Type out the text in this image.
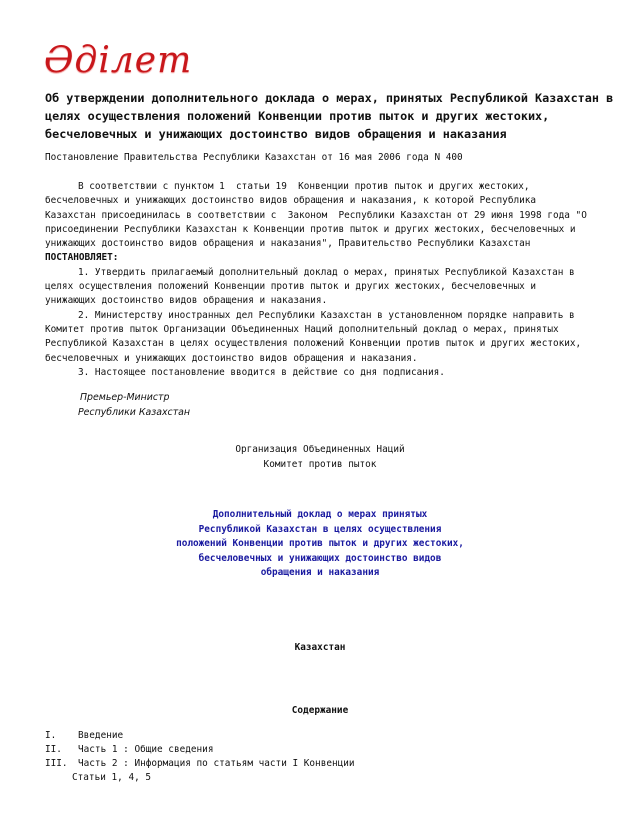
Әділет
Об утверждении дополнительного доклада о мерах, принятых Республикой Казахстан в
целях осуществления положений Конвенции против пыток и других жестоких,
бесчеловечных и унижающих достоинство видов обращения и наказания
Постановление Правительства Республики Казахстан от 16 мая 2006 года N 400
В соответствии с пунктом 1  статьи 19  Конвенции против пыток и других жестоких,
бесчеловечных и унижающих достоинство видов обращения и наказания, к которой Республика
Казахстан присоединилась в соответствии с  Законом  Республики Казахстан от 29 июня 1998 года "О
присоединении Республики Казахстан к Конвенции против пыток и других жестоких, бесчеловечных и
унижающих достоинство видов обращения и наказания", Правительство Республики Казахстан
ПОСТАНОВЛЯЕТ:
1. Утвердить прилагаемый дополнительный доклад о мерах, принятых Республикой Казахстан в
целях осуществления положений Конвенции против пыток и других жестоких, бесчеловечных и
унижающих достоинство видов обращения и наказания.
2. Министерству иностранных дел Республики Казахстан в установленном порядке направить в
Комитет против пыток Организации Объединенных Наций дополнительный доклад о мерах, принятых
Республикой Казахстан в целях осуществления положений Конвенции против пыток и других жестоких,
бесчеловечных и унижающих достоинство видов обращения и наказания.
3. Настоящее постановление вводится в действие со дня подписания.
Премьер-Министр
Республики Казахстан
Организация Объединенных Наций
Комитет против пыток
Дополнительный доклад о мерах принятых
Республикой Казахстан в целях осуществления
положений Конвенции против пыток и других жестоких,
бесчеловечных и унижающих достоинство видов
обращения и наказания
Казахстан
Содержание
I. Введение
II. Часть 1 : Общие сведения
III. Часть 2 : Информация по статьям части I Конвенции
Статьи 1, 4, 5
